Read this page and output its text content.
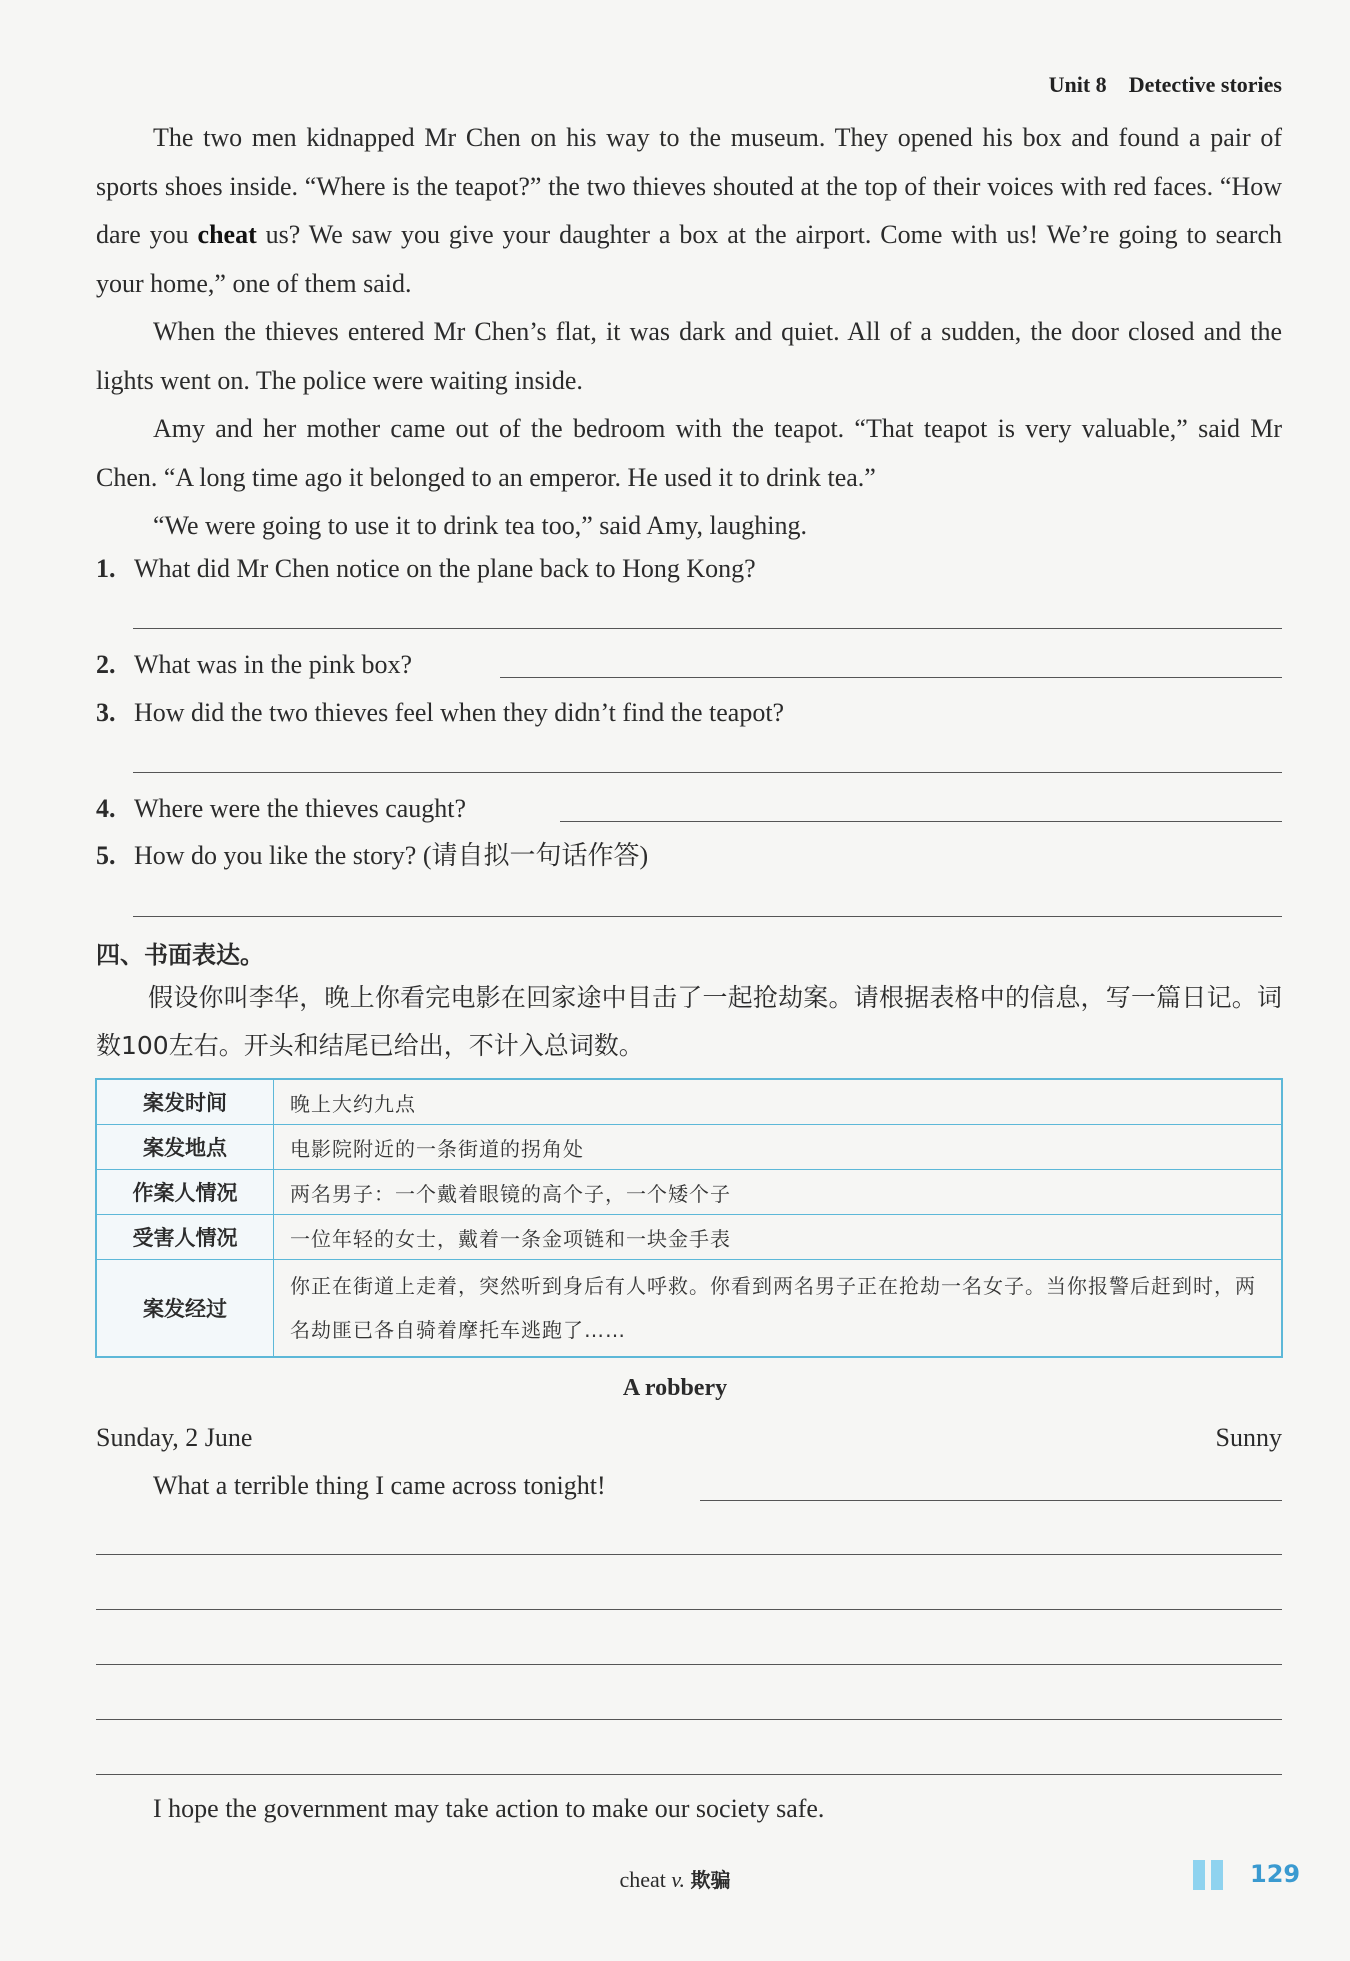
Unit 8 Detective stories

The two men kidnapped Mr Chen on his way to the museum. They opened his box and found a pair of sports shoes inside. “Where is the teapot?” the two thieves shouted at the top of their voices with red faces. “How dare you cheat us? We saw you give your daughter a box at the airport. Come with us! We’re going to search your home,” one of them said.

When the thieves entered Mr Chen’s flat, it was dark and quiet. All of a sudden, the door closed and the lights went on. The police were waiting inside.

Amy and her mother came out of the bedroom with the teapot. “That teapot is very valuable,” said Mr Chen. “A long time ago it belonged to an emperor. He used it to drink tea.”

“We were going to use it to drink tea too,” said Amy, laughing.

1. What did Mr Chen notice on the plane back to Hong Kong?
2. What was in the pink box?
3. How did the two thieves feel when they didn’t find the teapot?
4. Where were the thieves caught?
5. How do you like the story? (请自拟一句话作答)
四、书面表达。

假设你叫李华，晚上你看完电影在回家途中目击了一起抢劫案。请根据表格中的信息，写一篇日记。词数100左右。开头和结尾已给出，不计入总词数。

案发时间	晚上大约九点
案发地点	电影院附近的一条街道的拐角处
作案人情况	两名男子：一个戴着眼镜的高个子，一个矮个子
受害人情况	一位年轻的女士，戴着一条金项链和一块金手表
案发经过	你正在街道上走着，突然听到身后有人呼救。你看到两名男子正在抢劫一名女子。当你报警后赶到时，两名劫匪已各自骑着摩托车逃跑了……
A robbery
Sunday, 2 June	Sunny
What a terrible thing I came across tonight!
I hope the government may take action to make our society safe.
cheat v. 欺骗	129
